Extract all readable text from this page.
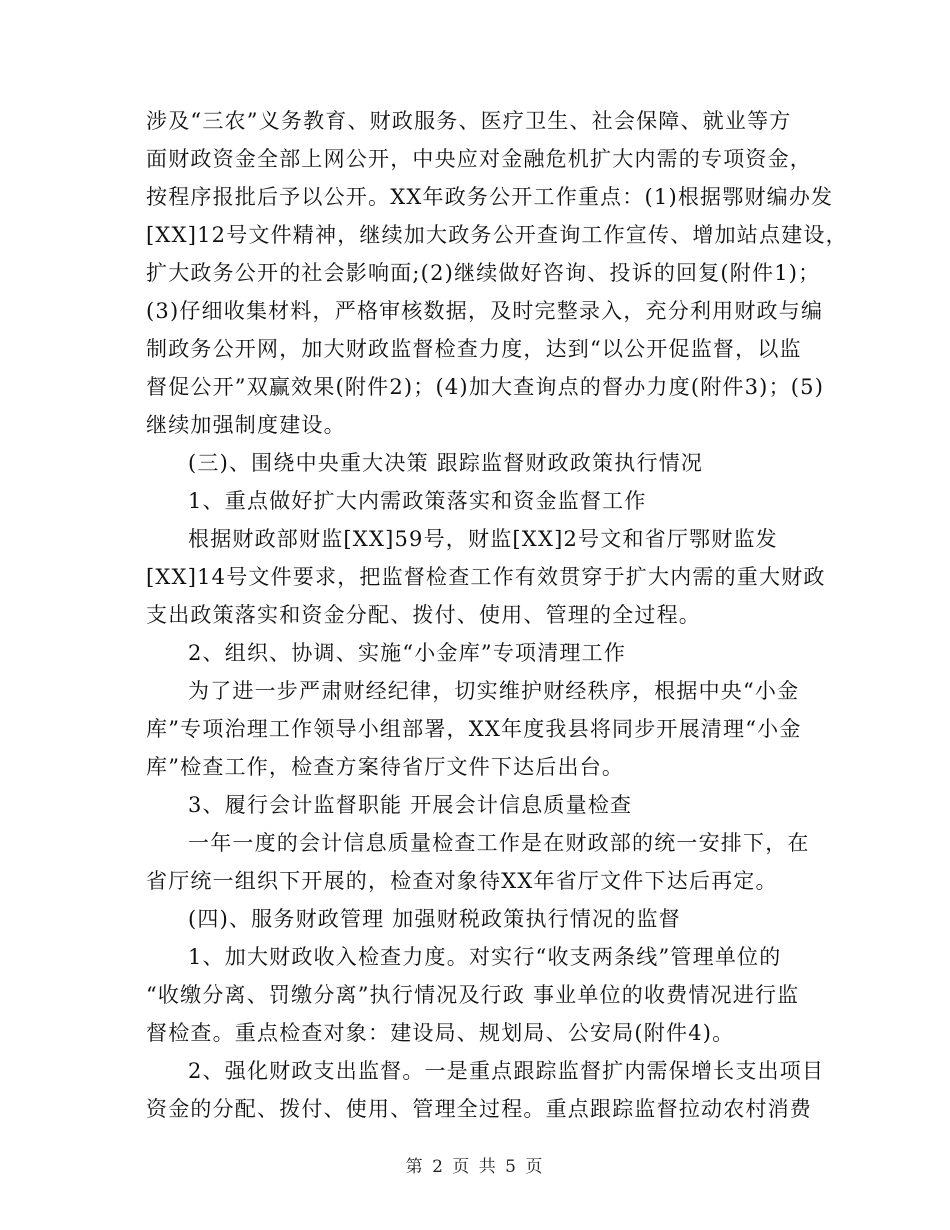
涉及“三农”义务教育、财政服务、医疗卫生、社会保障、就业等方
面财政资金全部上网公开，中央应对金融危机扩大内需的专项资金，
按程序报批后予以公开。XX年政务公开工作重点：(1)根据鄂财编办发
[XX]12号文件精神，继续加大政务公开查询工作宣传、增加站点建设，
扩大政务公开的社会影响面;(2)继续做好咨询、投诉的回复(附件1)；
(3)仔细收集材料，严格审核数据，及时完整录入，充分利用财政与编
制政务公开网，加大财政监督检查力度，达到“以公开促监督，以监
督促公开”双赢效果(附件2)；(4)加大查询点的督办力度(附件3)；(5)
继续加强制度建设。
(三)、围绕中央重大决策 跟踪监督财政政策执行情况
1、重点做好扩大内需政策落实和资金监督工作
根据财政部财监[XX]59号，财监[XX]2号文和省厅鄂财监发
[XX]14号文件要求，把监督检查工作有效贯穿于扩大内需的重大财政
支出政策落实和资金分配、拨付、使用、管理的全过程。
2、组织、协调、实施“小金库”专项清理工作
为了进一步严肃财经纪律，切实维护财经秩序，根据中央“小金
库”专项治理工作领导小组部署，XX年度我县将同步开展清理“小金
库”检查工作，检查方案待省厅文件下达后出台。
3、履行会计监督职能 开展会计信息质量检查
一年一度的会计信息质量检查工作是在财政部的统一安排下，在
省厅统一组织下开展的，检查对象待XX年省厅文件下达后再定。
(四)、服务财政管理 加强财税政策执行情况的监督
1、加大财政收入检查力度。对实行“收支两条线”管理单位的
“收缴分离、罚缴分离”执行情况及行政 事业单位的收费情况进行监
督检查。重点检查对象：建设局、规划局、公安局(附件4)。
2、强化财政支出监督。一是重点跟踪监督扩内需保增长支出项目
资金的分配、拨付、使用、管理全过程。重点跟踪监督拉动农村消费
第 2 页 共 5 页
